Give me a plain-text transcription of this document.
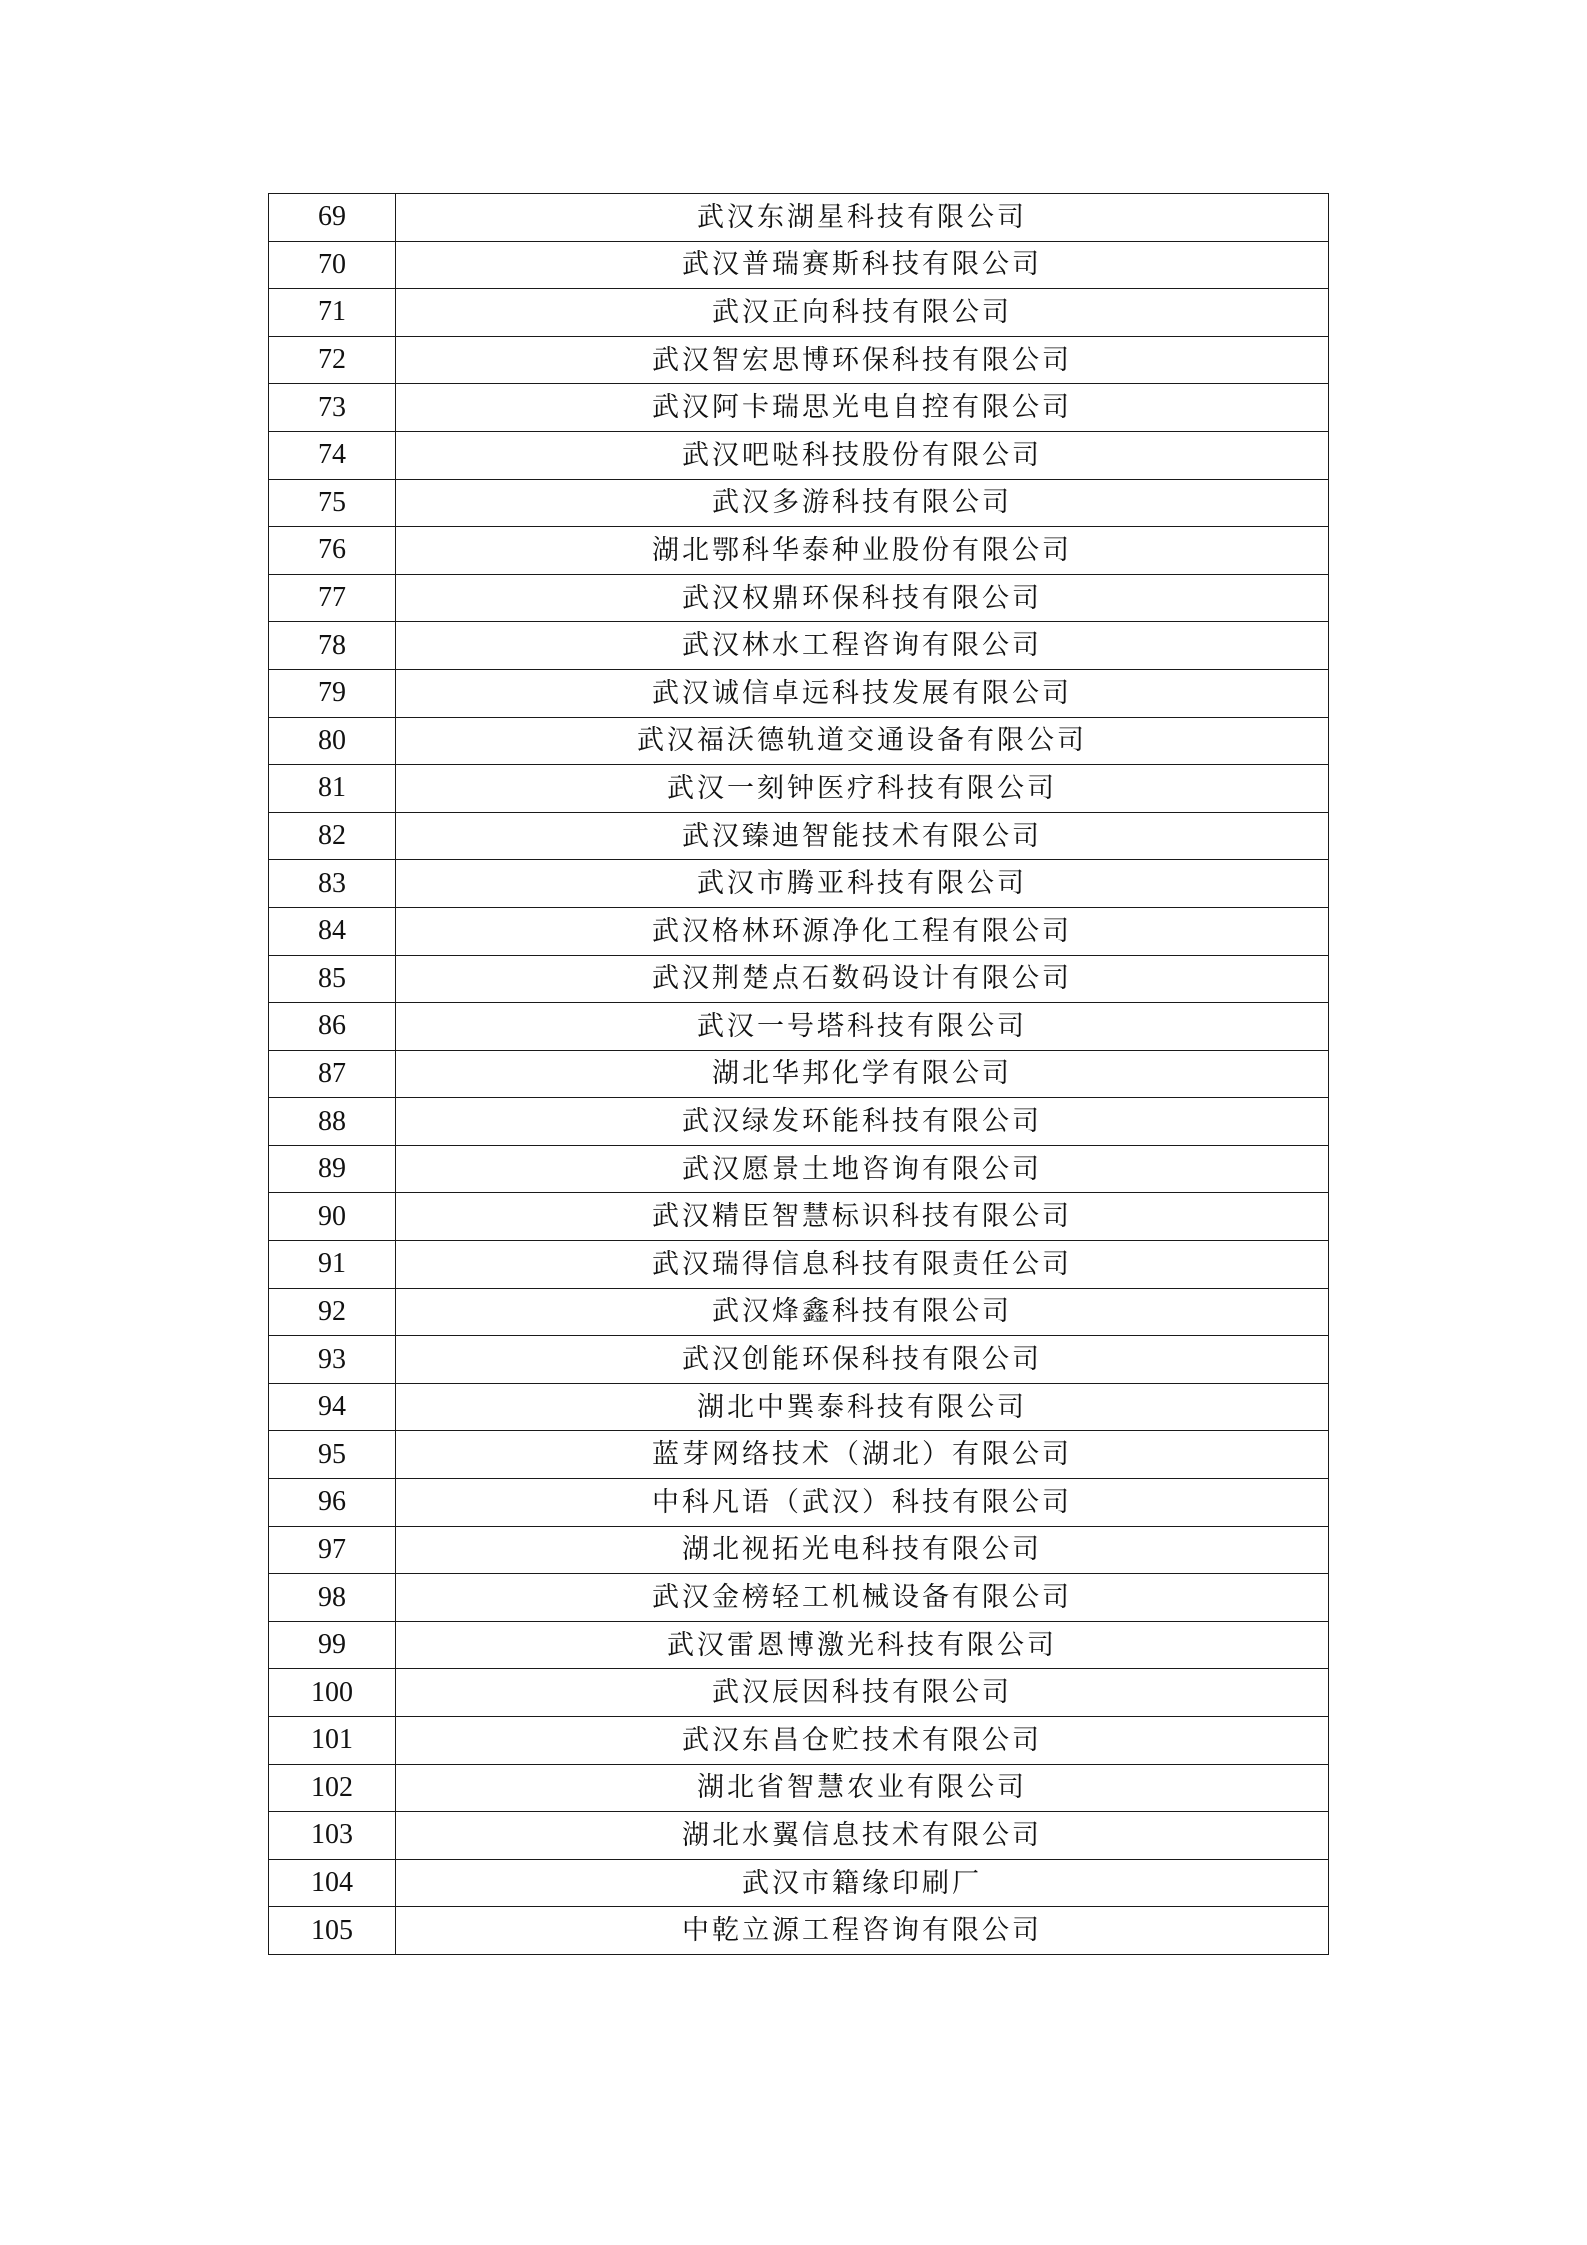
69	武汉东湖星科技有限公司
70	武汉普瑞赛斯科技有限公司
71	武汉正向科技有限公司
72	武汉智宏思博环保科技有限公司
73	武汉阿卡瑞思光电自控有限公司
74	武汉吧哒科技股份有限公司
75	武汉多游科技有限公司
76	湖北鄂科华泰种业股份有限公司
77	武汉权鼎环保科技有限公司
78	武汉林水工程咨询有限公司
79	武汉诚信卓远科技发展有限公司
80	武汉福沃德轨道交通设备有限公司
81	武汉一刻钟医疗科技有限公司
82	武汉臻迪智能技术有限公司
83	武汉市腾亚科技有限公司
84	武汉格林环源净化工程有限公司
85	武汉荆楚点石数码设计有限公司
86	武汉一号塔科技有限公司
87	湖北华邦化学有限公司
88	武汉绿发环能科技有限公司
89	武汉愿景土地咨询有限公司
90	武汉精臣智慧标识科技有限公司
91	武汉瑞得信息科技有限责任公司
92	武汉烽鑫科技有限公司
93	武汉创能环保科技有限公司
94	湖北中巽泰科技有限公司
95	蓝芽网络技术（湖北）有限公司
96	中科凡语（武汉）科技有限公司
97	湖北视拓光电科技有限公司
98	武汉金榜轻工机械设备有限公司
99	武汉雷恩博激光科技有限公司
100	武汉辰因科技有限公司
101	武汉东昌仓贮技术有限公司
102	湖北省智慧农业有限公司
103	湖北水翼信息技术有限公司
104	武汉市籍缘印刷厂
105	中乾立源工程咨询有限公司
